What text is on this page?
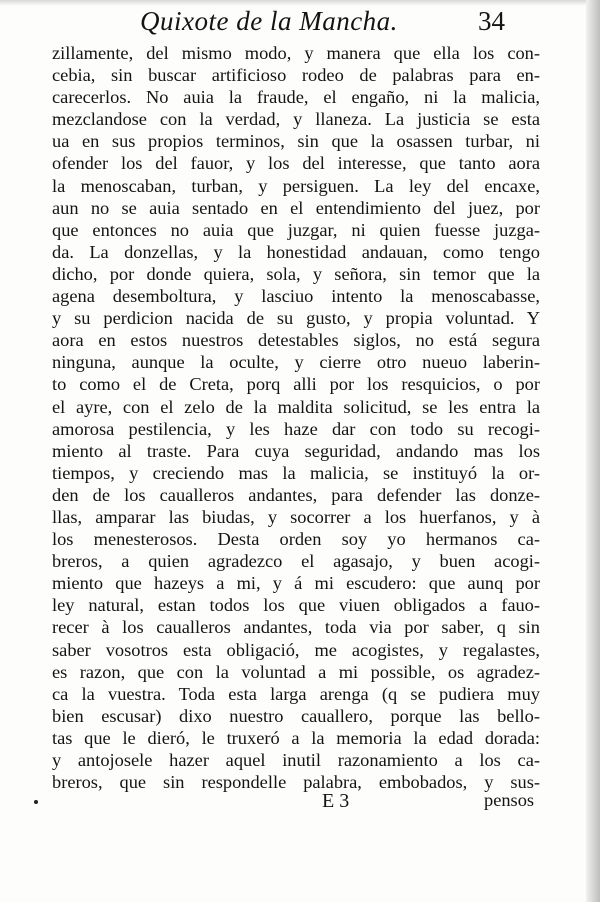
Quixote de la Mancha.	34
zillamente, del mismo modo, y manera que ella los con-
cebia, sin buscar artificioso rodeo de palabras para en-
carecerlos. No auia la fraude, el engaño, ni la malicia,
mezclandose con la verdad, y llaneza. La justicia se esta
ua en sus propios terminos, sin que la osassen turbar, ni
ofender los del fauor, y los del interesse, que tanto aora
la menoscaban, turban, y persiguen. La ley del encaxe,
aun no se auia sentado en el entendimiento del juez, por
que entonces no auia que juzgar, ni quien fuesse juzga-
da. La donzellas, y la honestidad andauan, como tengo
dicho, por donde quiera, sola, y señora, sin temor que la
agena desemboltura, y lasciuo intento la menoscabasse,
y su perdicion nacida de su gusto, y propia voluntad. Y
aora en estos nuestros detestables siglos, no está segura
ninguna, aunque la oculte, y cierre otro nueuo laberin-
to como el de Creta, porq alli por los resquicios, o por
el ayre, con el zelo de la maldita solicitud, se les entra la
amorosa pestilencia, y les haze dar con todo su recogi-
miento al traste. Para cuya seguridad, andando mas los
tiempos, y creciendo mas la malicia, se instituyó la or-
den de los caualleros andantes, para defender las donze-
llas, amparar las biudas, y socorrer a los huerfanos, y à
los menesterosos. Desta orden soy yo hermanos ca-
breros, a quien agradezco el agasajo, y buen acogi-
miento que hazeys a mi, y á mi escudero: que aunq por
ley natural, estan todos los que viuen obligados a fauo-
recer à los caualleros andantes, toda via por saber, q sin
saber vosotros esta obligació, me acogistes, y regalastes,
es razon, que con la voluntad a mi possible, os agradez-
ca la vuestra. Toda esta larga arenga (q se pudiera muy
bien escusar) dixo nuestro cauallero, porque las bello-
tas que le dieró, le truxeró a la memoria la edad dorada:
y antojosele hazer aquel inutil razonamiento a los ca-
breros, que sin respondelle palabra, embobados, y sus-
E 3	pensos
